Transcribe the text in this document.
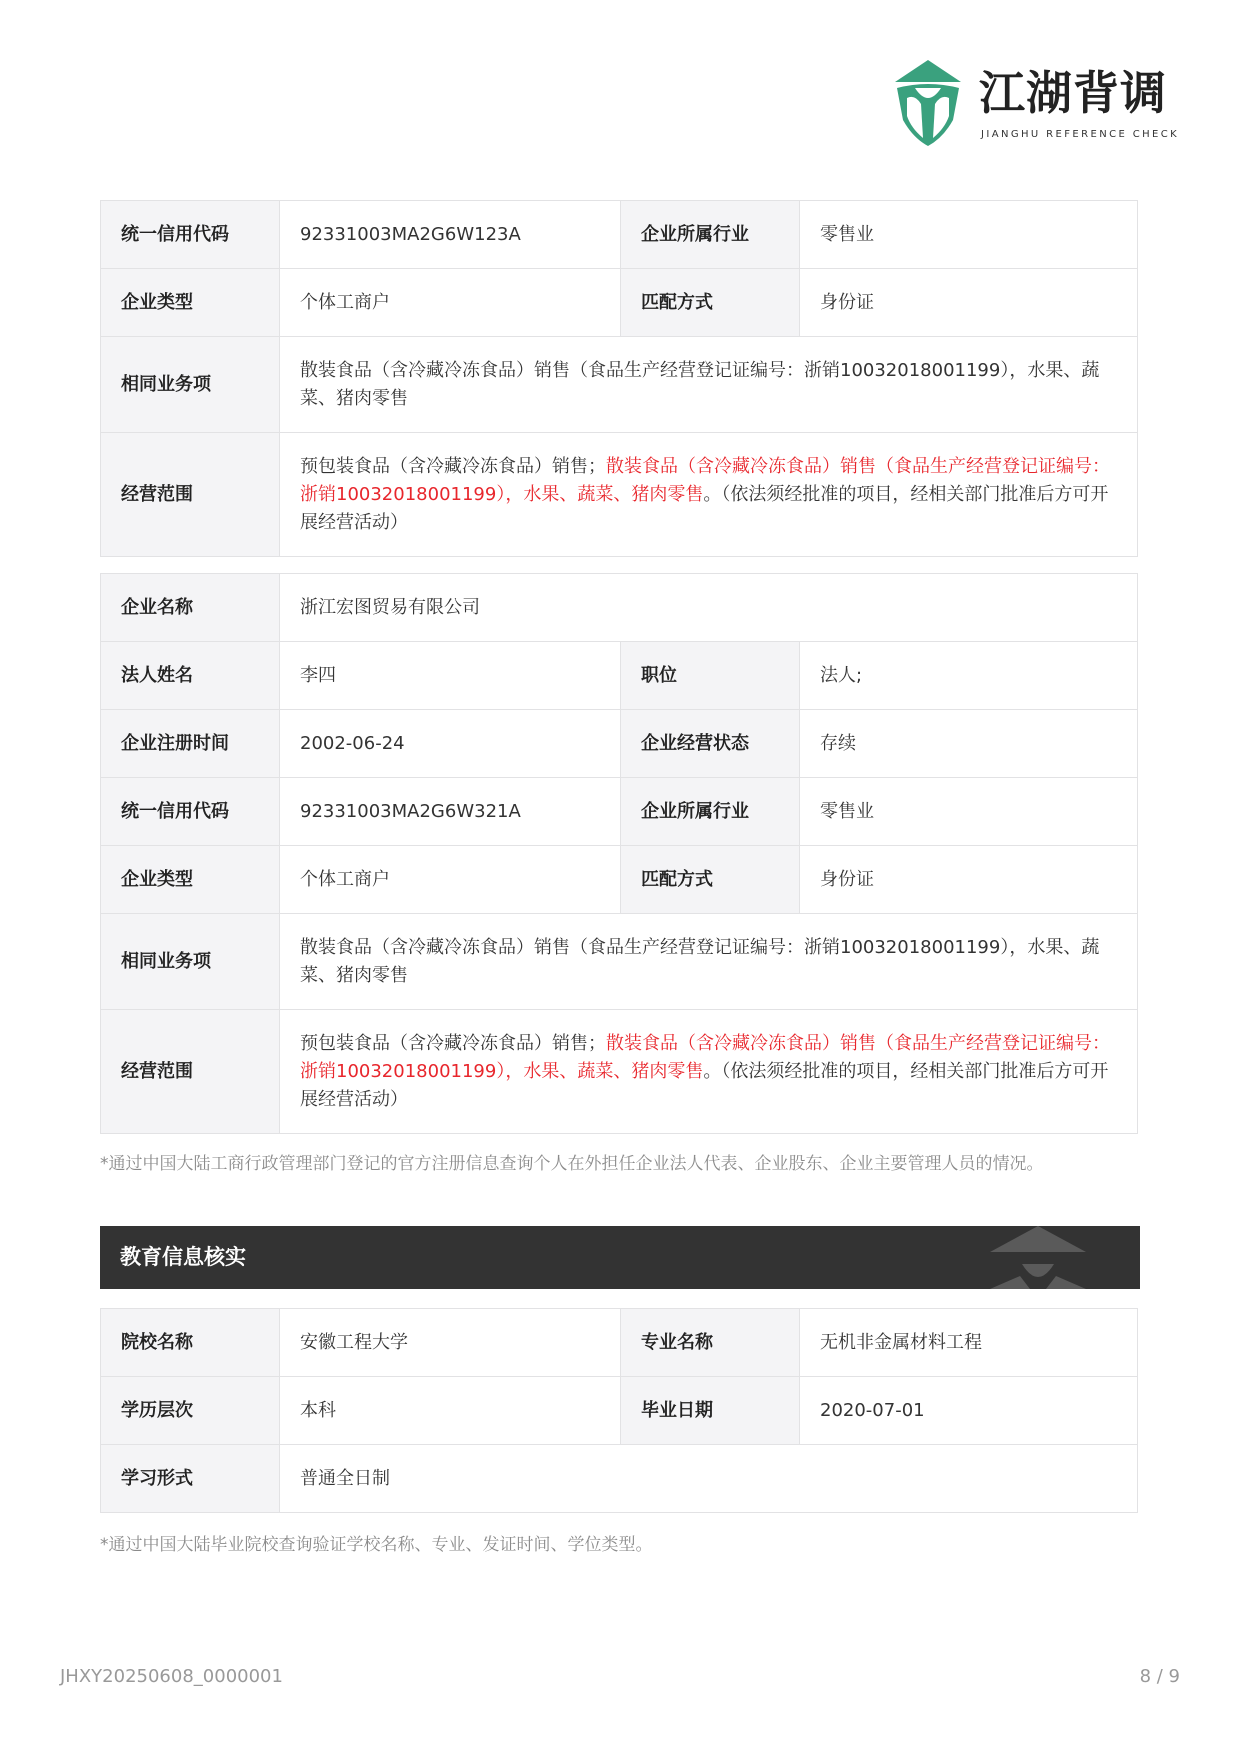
江湖背调
JIANGHU REFERENCE CHECK
统一信用代码	92331003MA2G6W123A	企业所属行业	零售业
企业类型	个体工商户	匹配方式	身份证
相同业务项	散装食品（含冷藏冷冻食品）销售（食品生产经营登记证编号：浙销10032018001199），水果、蔬菜、猪肉零售		
经营范围	预包装食品（含冷藏冷冻食品）销售；散装食品（含冷藏冷冻食品）销售（食品生产经营登记证编号：浙销10032018001199），水果、蔬菜、猪肉零售。（依法须经批准的项目，经相关部门批准后方可开展经营活动）		
企业名称	浙江宏图贸易有限公司		
法人姓名	李四	职位	法人;
企业注册时间	2002-06-24	企业经营状态	存续
统一信用代码	92331003MA2G6W321A	企业所属行业	零售业
企业类型	个体工商户	匹配方式	身份证
相同业务项	散装食品（含冷藏冷冻食品）销售（食品生产经营登记证编号：浙销10032018001199），水果、蔬菜、猪肉零售		
经营范围	预包装食品（含冷藏冷冻食品）销售；散装食品（含冷藏冷冻食品）销售（食品生产经营登记证编号：浙销10032018001199），水果、蔬菜、猪肉零售。（依法须经批准的项目，经相关部门批准后方可开展经营活动）		
*通过中国大陆工商行政管理部门登记的官方注册信息查询个人在外担任企业法人代表、企业股东、企业主要管理人员的情况。
教育信息核实
院校名称	安徽工程大学	专业名称	无机非金属材料工程
学历层次	本科	毕业日期	2020-07-01
学习形式	普通全日制		
*通过中国大陆毕业院校查询验证学校名称、专业、发证时间、学位类型。
JHXY20250608_0000001	8 / 9
